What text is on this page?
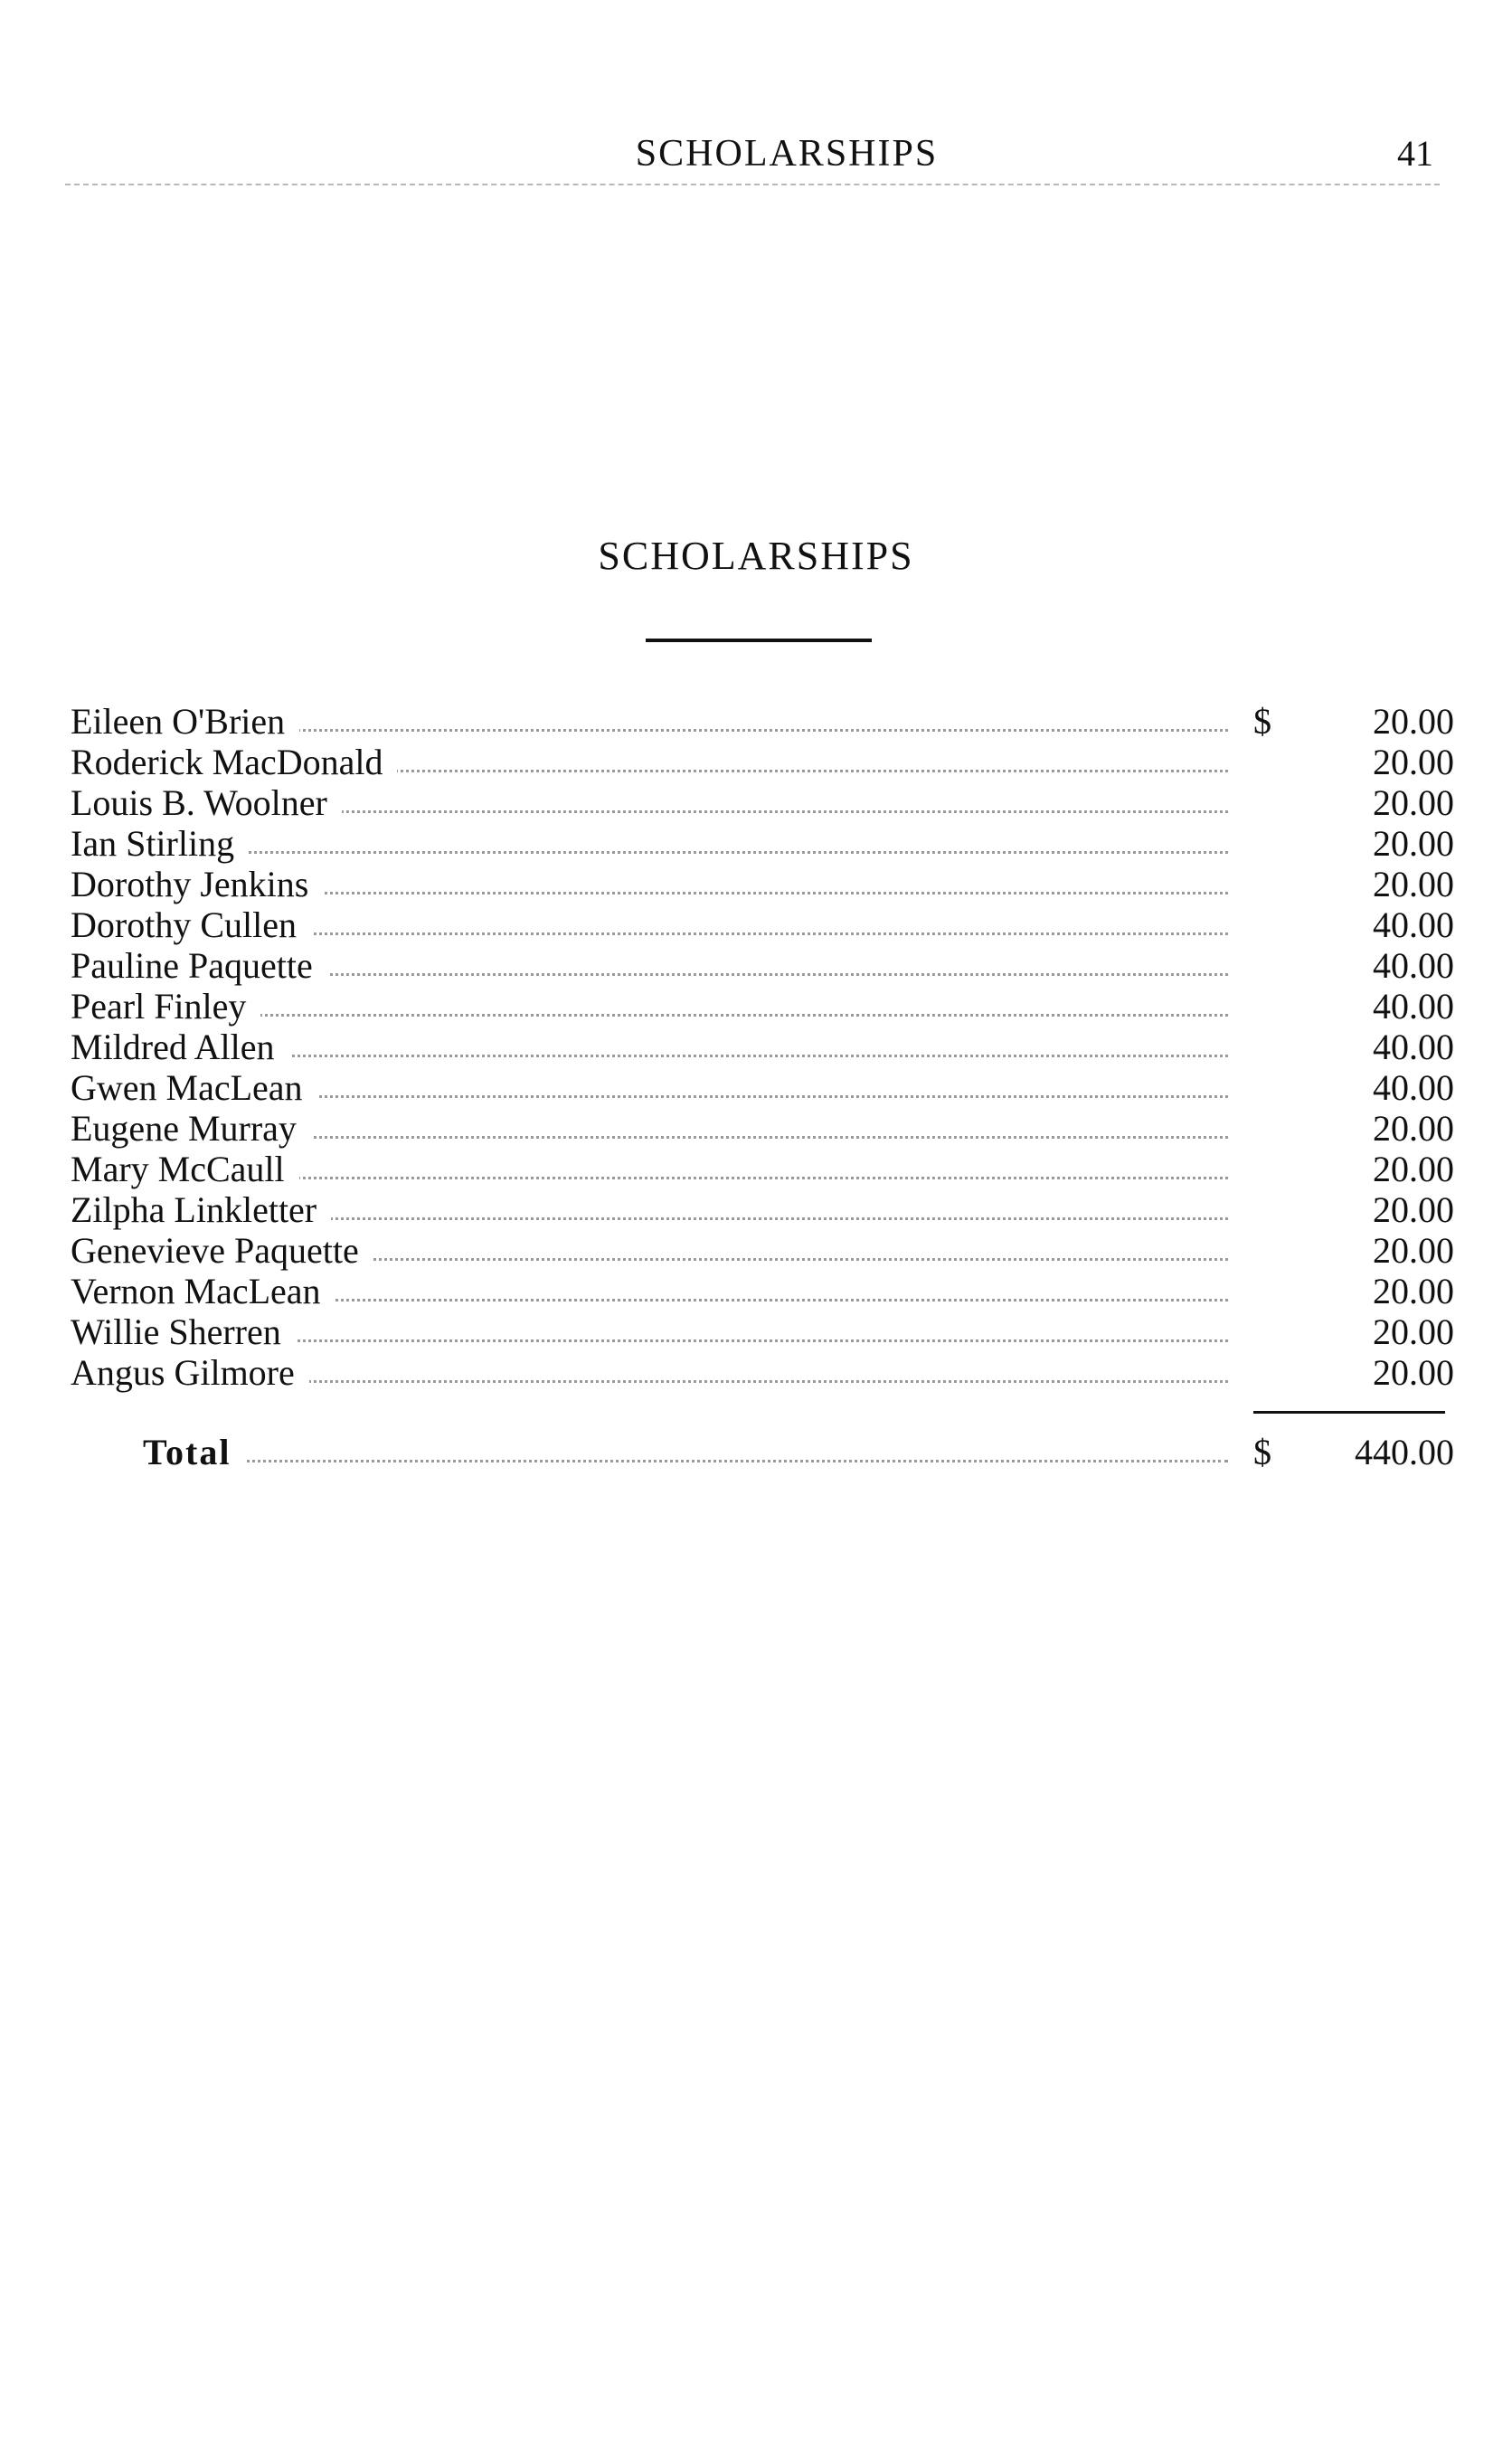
SCHOLARSHIPS	41
SCHOLARSHIPS
Eileen O'Brien	$	20.00
Roderick MacDonald	20.00
Louis B. Woolner	20.00
Ian Stirling	20.00
Dorothy Jenkins	20.00
Dorothy Cullen	40.00
Pauline Paquette	40.00
Pearl Finley	40.00
Mildred Allen	40.00
Gwen MacLean	40.00
Eugene Murray	20.00
Mary McCaull	20.00
Zilpha Linkletter	20.00
Genevieve Paquette	20.00
Vernon MacLean	20.00
Willie Sherren	20.00
Angus Gilmore	20.00
Total	$ 440.00
